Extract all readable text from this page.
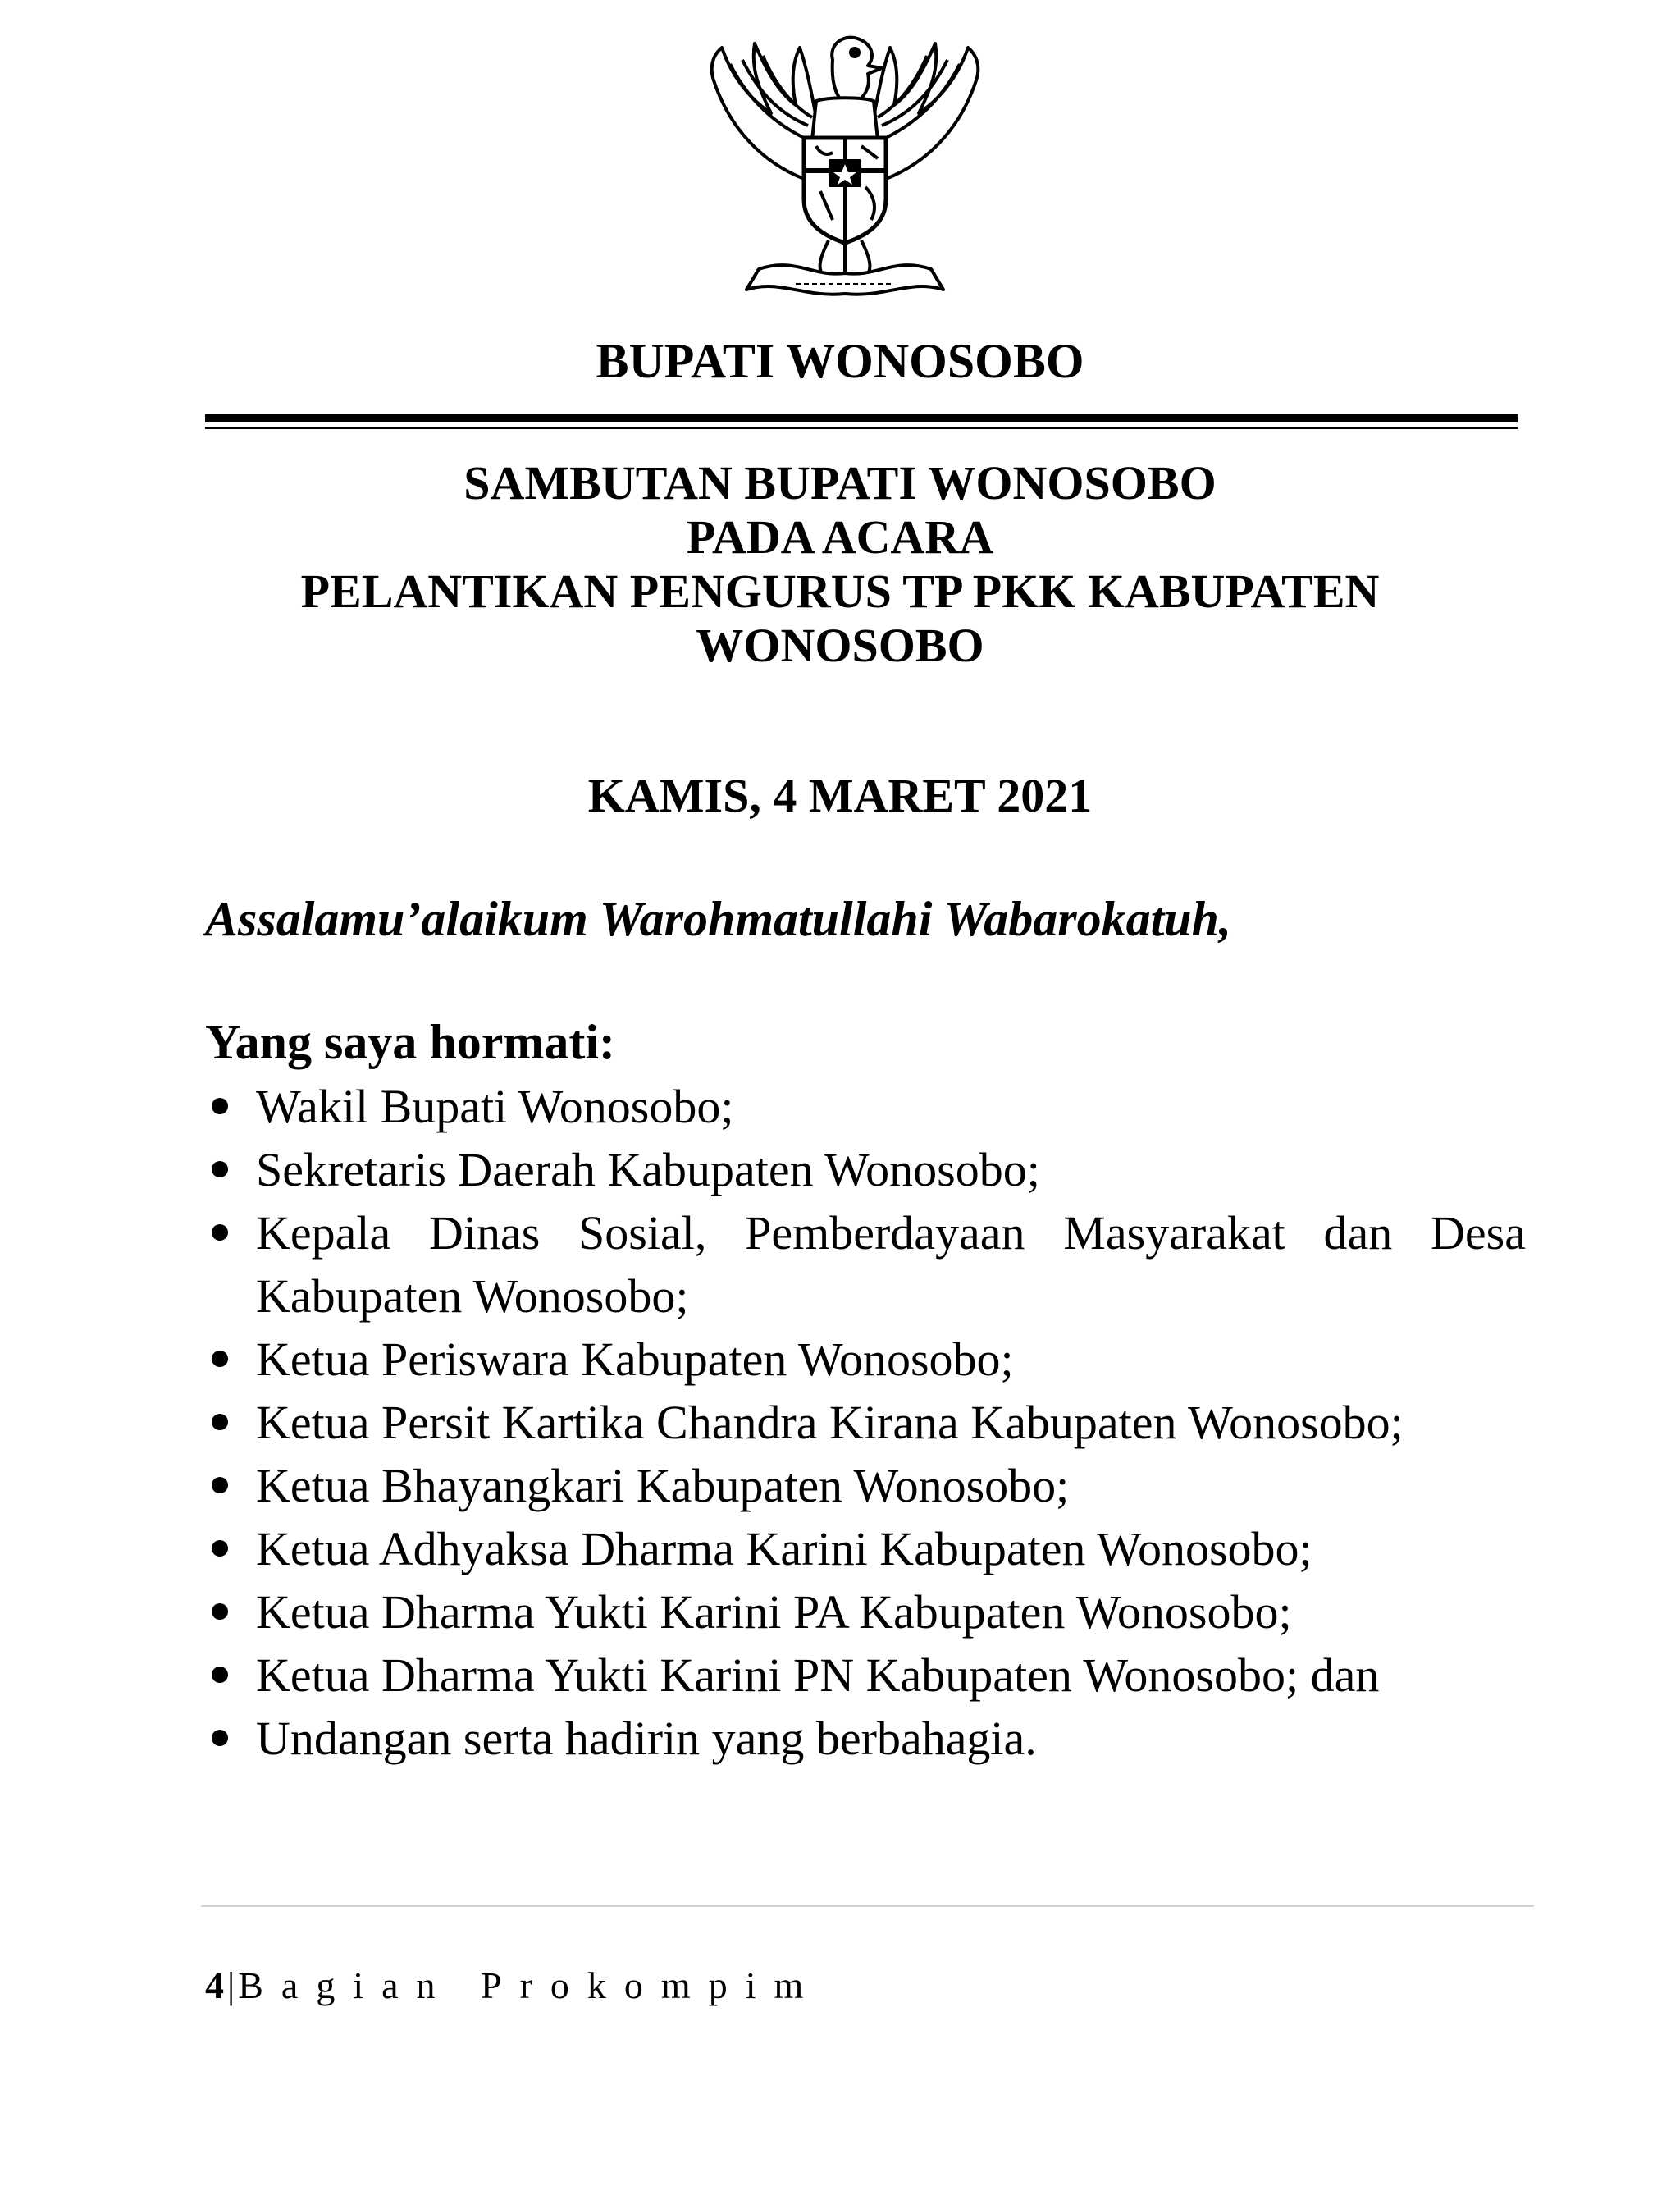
BUPATI WONOSOBO
SAMBUTAN BUPATI WONOSOBO
PADA ACARA
PELANTIKAN PENGURUS TP PKK KABUPATEN
WONOSOBO
KAMIS, 4 MARET 2021
Assalamu’alaikum Warohmatullahi Wabarokatuh,
Yang saya hormati:
Wakil Bupati Wonosobo;
Sekretaris Daerah Kabupaten Wonosobo;
Kepala Dinas Sosial, Pemberdayaan Masyarakat dan Desa Kabupaten Wonosobo;
Ketua Periswara Kabupaten Wonosobo;
Ketua Persit Kartika Chandra Kirana Kabupaten Wonosobo;
Ketua Bhayangkari Kabupaten Wonosobo;
Ketua Adhyaksa Dharma Karini Kabupaten Wonosobo;
Ketua Dharma Yukti Karini PA Kabupaten Wonosobo;
Ketua Dharma Yukti Karini PN Kabupaten Wonosobo; dan
Undangan serta hadirin yang berbahagia.
4|Bagian Prokompim
